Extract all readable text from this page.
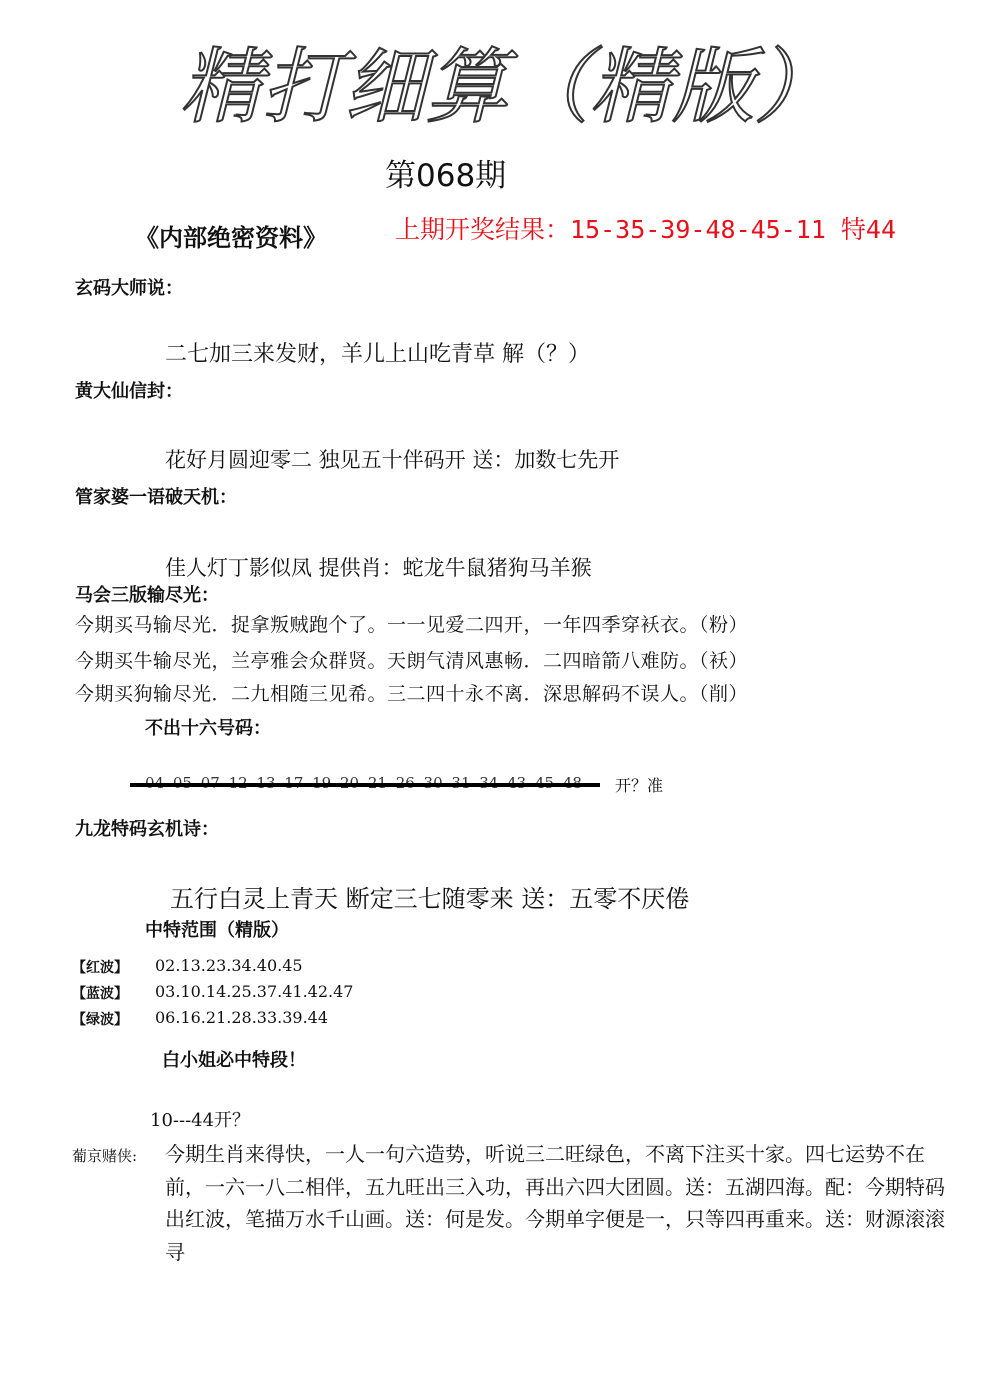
精打细算（精版）
第068期
《内部绝密资料》	上期开奖结果：15-35-39-48-45-11 特44
玄码大师说：
二七加三来发财，羊儿上山吃青草 解（？）
黄大仙信封：
花好月圆迎零二 独见五十伴码开 送：加数七先开
管家婆一语破天机：
佳人灯丁影似凤 提供肖：蛇龙牛鼠猪狗马羊猴
马会三版输尽光：
今期买马输尽光．捉拿叛贼跑个了。一一见爱二四开，一年四季穿袄衣。（粉）
今期买牛输尽光，兰亭雅会众群贤。天朗气清风惠畅．二四暗箭八难防。（袄）
今期买狗输尽光．二九相随三见希。三二四十永不离．深思解码不误人。（削）
不出十六号码：
开？准
九龙特码玄机诗：
五行白灵上青天 断定三七随零来 送：五零不厌倦
中特范围（精版）
【红波】 02.13.23.34.40.45
【蓝波】 03.10.14.25.37.41.42.47
【绿波】 06.16.21.28.33.39.44
白小姐必中特段！
10---44开？
葡京赌侠: 今期生肖来得快，一人一句六造势，听说三二旺绿色，不离下注买十家。四七运势不在前，一六一八二相伴，五九旺出三入功，再出六四大团圆。送：五湖四海。配：今期特码出红波，笔描万水千山画。送：何是发。今期单字便是一，只等四再重来。送：财源滚滚寻
